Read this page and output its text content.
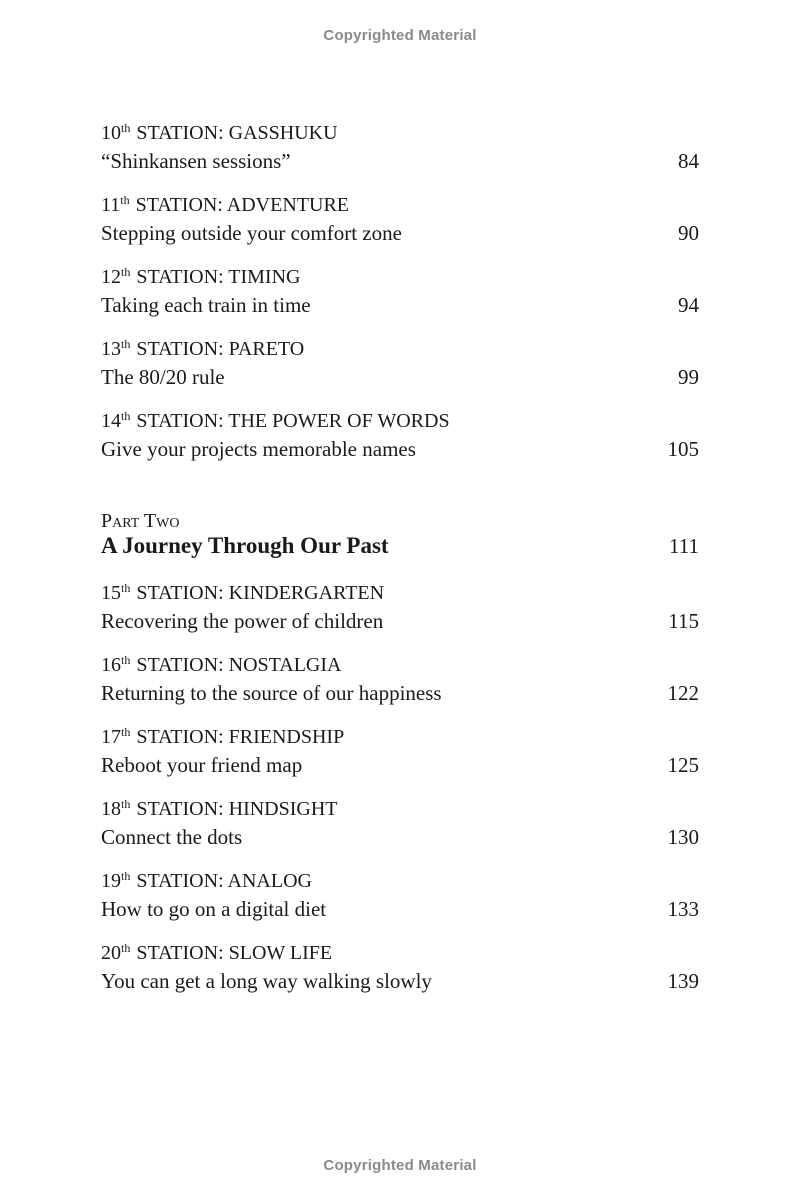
Copyrighted Material
10th STATION: GASSHUKU
“Shinkansen sessions”	84
11th STATION: ADVENTURE
Stepping outside your comfort zone	90
12th STATION: TIMING
Taking each train in time	94
13th STATION: PARETO
The 80/20 rule	99
14th STATION: THE POWER OF WORDS
Give your projects memorable names	105
Part Two
A Journey Through Our Past	111
15th STATION: KINDERGARTEN
Recovering the power of children	115
16th STATION: NOSTALGIA
Returning to the source of our happiness	122
17th STATION: FRIENDSHIP
Reboot your friend map	125
18th STATION: HINDSIGHT
Connect the dots	130
19th STATION: ANALOG
How to go on a digital diet	133
20th STATION: SLOW LIFE
You can get a long way walking slowly	139
Copyrighted Material
